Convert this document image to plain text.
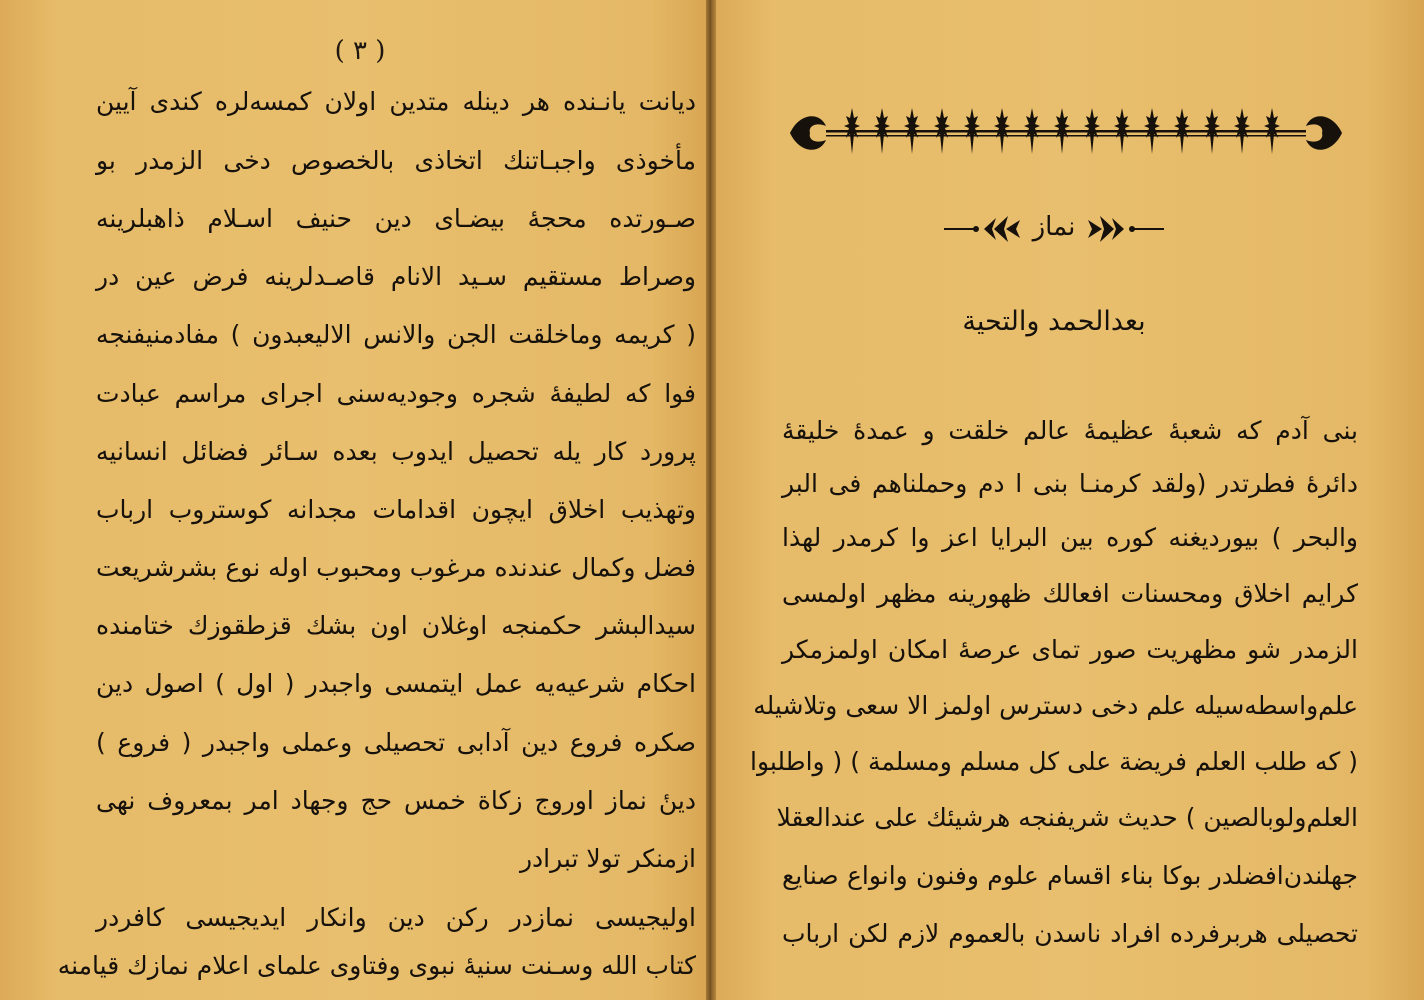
( ٣ )
دیانت یانـنده هر دینله متدین اولان کمسه‌لره کندی آیین
مأخوذی واجبـاتنك اتخاذی بالخصوص دخی الزمدر بو
صـورتده محجهٔ بیضـای دین حنیف اسـلام ذاهبلرینه
وصراط مستقیم سـید الانام قاصـدلرینه فرض عین در
( کریمه وماخلقت الجن والانس الالیعبدون ) مفادمنیفنجه
فوا که لطیفهٔ شجره وجودیه‌سنی اجرای مراسم عبادت
پرورد کار یله تحصیل ایدوب بعده سـائر فضائل انسانیه
وتهذیب اخلاق ایچون اقدامات مجدانه کوستروب ارباب
فضل وکمال عندنده مرغوب ومحبوب اوله نوع بشرشریعت
سیدالبشر حکمنجه اوغلان اون بشك قزطقوزك ختامنده
احکام شرعیه‌یه عمل ایتمسی واجبدر ( اول ) اصول دین
صکره فروع دین آدابی تحصیلی وعملی واجبدر ( فروع )
دینٔ نماز اوروج زکاة خمس حج وجهاد امر بمعروف نهی
ازمنکر تولا تبرادر
اولیجیسی نمازدر رکن دین وانکار ایدیجیسی کافردر
کتاب الله وسـنت سنیهٔ نبوی وفتاوی علمای اعلام نمازك قیامنه
نماز
بعدالحمد والتحیة
بنی آدم که شعبهٔ عظیمهٔ عالم خلقت و عمدهٔ خلیقهٔ
دائرهٔ فطرتدر (ولقد کرمنـا بنی ا دم وحملناهم فی البر
والبحر ) بیوردیغنه کوره بین البرایا اعز وا کرمدر لهذا
کرایم اخلاق ومحسنات افعالك ظهورینه مظهر اولمسی
الزمدر شو مظهریت صور تمای عرصهٔ امکان اولمزمکر
علم‌واسطه‌سیله علم دخی دسترس اولمز الا سعی وتلاشیله
( که طلب العلم فریضة علی کل مسلم ومسلمة ) ( واطلبوا
العلم‌ولوبالصین ) حدیث شریفنجه هرشیئك علی عندالعقلا
جهلندن‌افضلدر بوکا بناء اقسام علوم وفنون وانواع صنایع
تحصیلی هربرفرده افراد ناسدن بالعموم لازم لکن ارباب
